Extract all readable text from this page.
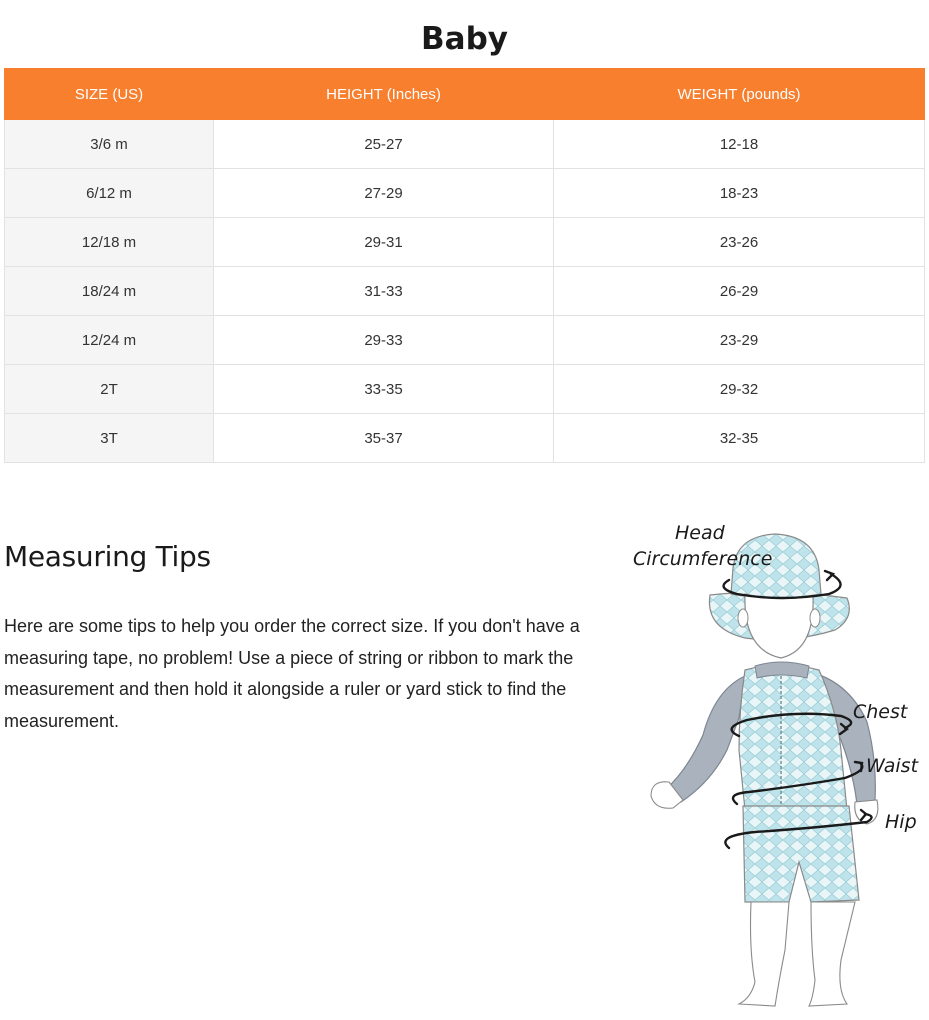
Baby
SIZE (US)	HEIGHT (Inches)	WEIGHT (pounds)
3/6 m	25-27	12-18
6/12 m	27-29	18-23
12/18 m	29-31	23-26
18/24 m	31-33	26-29
12/24 m	29-33	23-29
2T	33-35	29-32
3T	35-37	32-35
Measuring Tips

Here are some tips to help you order the correct size. If you don't have a measuring tape, no problem! Use a piece of string or ribbon to mark the measurement and then hold it alongside a ruler or yard stick to find the measurement.

Head
Circumference
Chest
Waist
Hip
